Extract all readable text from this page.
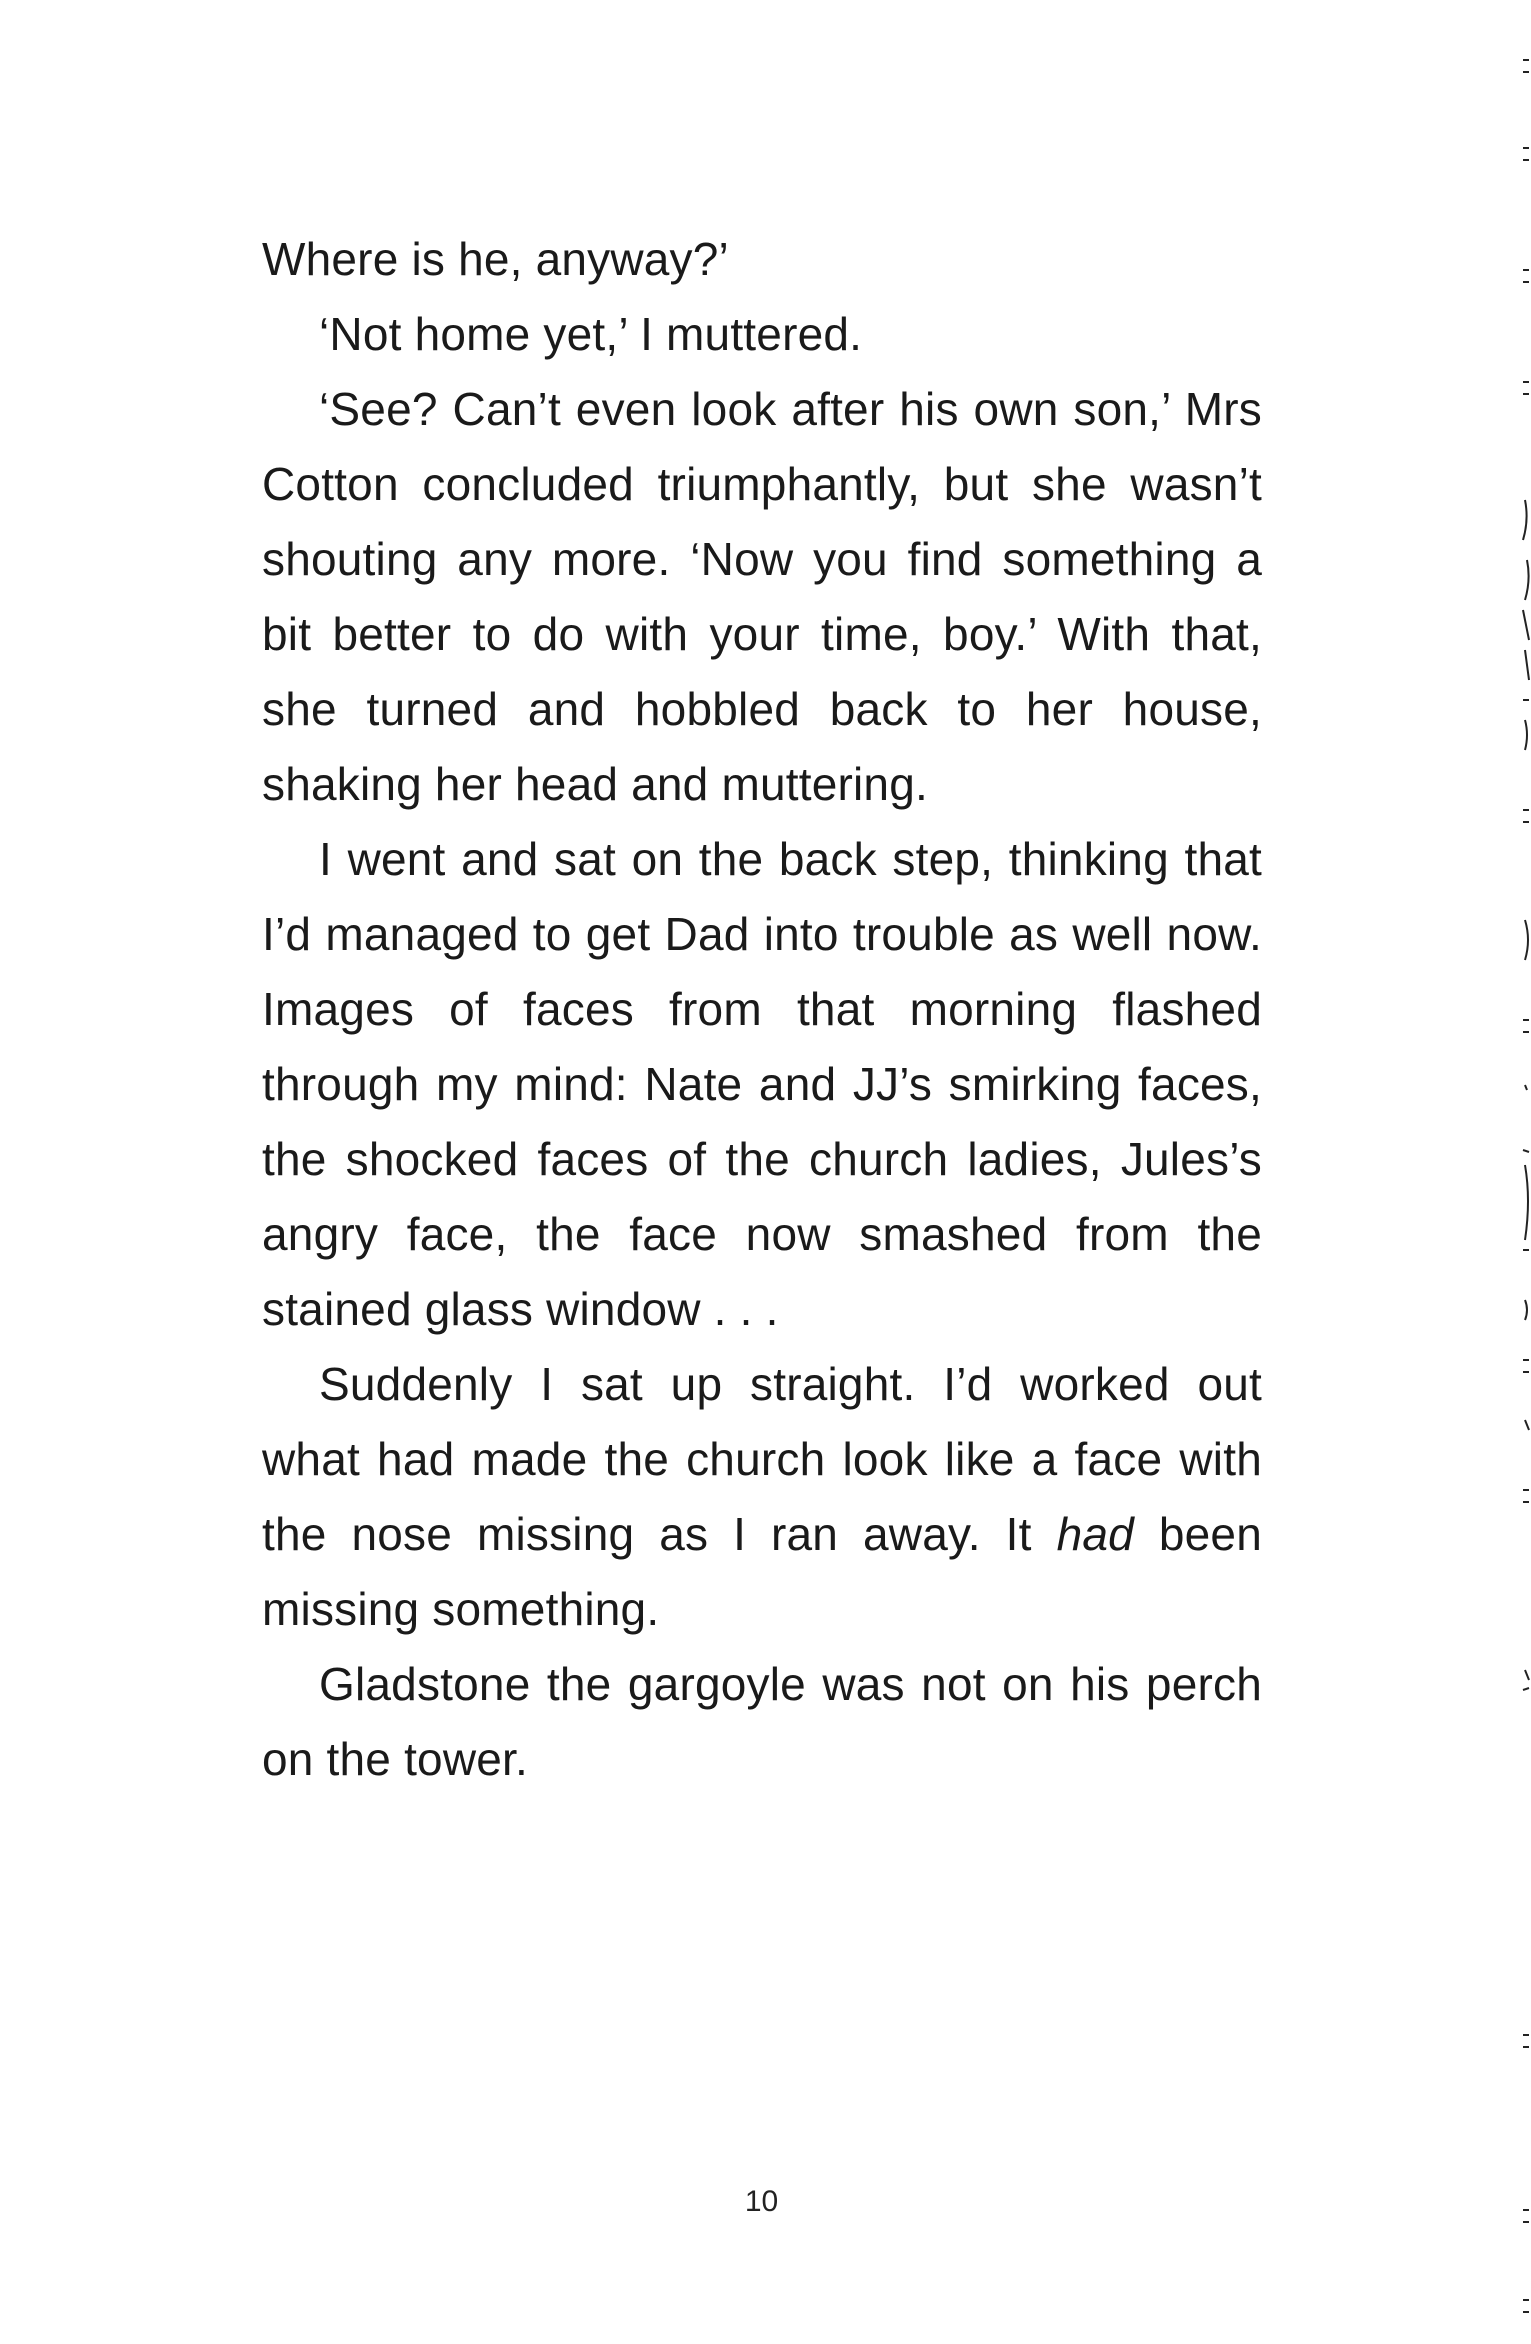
Where is he, anyway?’

‘Not home yet,’ I muttered.

‘See? Can’t even look after his own son,’ Mrs Cotton concluded triumphantly, but she wasn’t shouting any more. ‘Now you find something a bit better to do with your time, boy.’ With that, she turned and hobbled back to her house, shaking her head and muttering.

I went and sat on the back step, thinking that I’d managed to get Dad into trouble as well now. Images of faces from that morning flashed through my mind: Nate and JJ’s smirking faces, the shocked faces of the church ladies, Jules’s angry face, the face now smashed from the stained glass window . . .

Suddenly I sat up straight. I’d worked out what had made the church look like a face with the nose missing as I ran away. It had been missing something.

Gladstone the gargoyle was not on his perch on the tower.

10
